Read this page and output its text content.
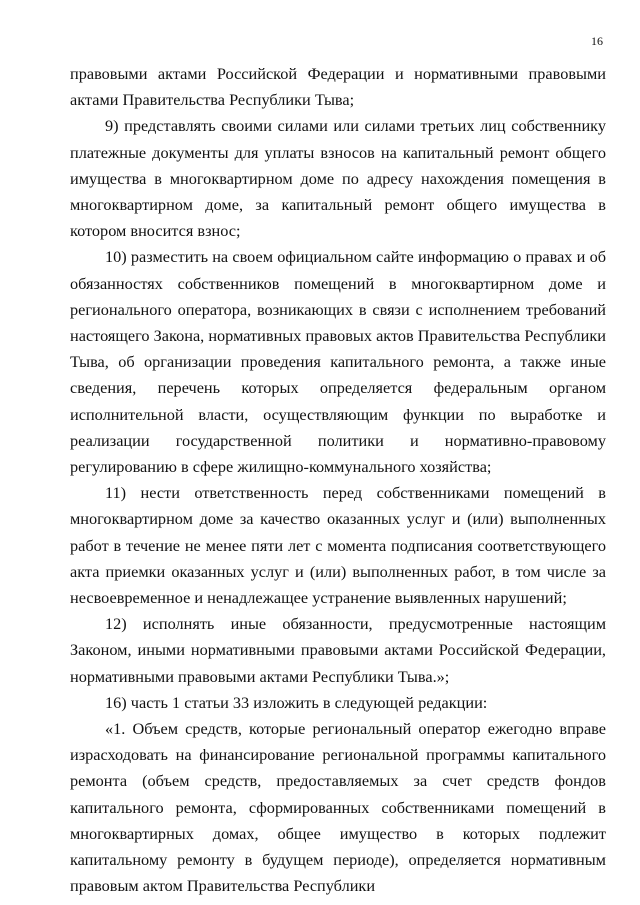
16

правовыми актами Российской Федерации и нормативными правовыми актами Правительства Республики Тыва;

9) представлять своими силами или силами третьих лиц собственнику платежные документы для уплаты взносов на капитальный ремонт общего имущества в многоквартирном доме по адресу нахождения помещения в многоквартирном доме, за капитальный ремонт общего имущества в котором вносится взнос;

10) разместить на своем официальном сайте информацию о правах и об обязанностях собственников помещений в многоквартирном доме и регионального оператора, возникающих в связи с исполнением требований настоящего Закона, нормативных правовых актов Правительства Республики Тыва, об организации проведения капитального ремонта, а также иные сведения, перечень которых определяется федеральным органом исполнительной власти, осуществляющим функции по выработке и реализации государственной политики и нормативно-правовому регулированию в сфере жилищно-коммунального хозяйства;

11) нести ответственность перед собственниками помещений в многоквартирном доме за качество оказанных услуг и (или) выполненных работ в течение не менее пяти лет с момента подписания соответствующего акта приемки оказанных услуг и (или) выполненных работ, в том числе за несвоевременное и ненадлежащее устранение выявленных нарушений;

12) исполнять иные обязанности, предусмотренные настоящим Законом, иными нормативными правовыми актами Российской Федерации, нормативными правовыми актами Республики Тыва.»;

16) часть 1 статьи 33 изложить в следующей редакции:

«1. Объем средств, которые региональный оператор ежегодно вправе израсходовать на финансирование региональной программы капитального ремонта (объем средств, предоставляемых за счет средств фондов капитального ремонта, сформированных собственниками помещений в многоквартирных домах, общее имущество в которых подлежит капитальному ремонту в будущем периоде), определяется нормативным правовым актом Правительства Республики
